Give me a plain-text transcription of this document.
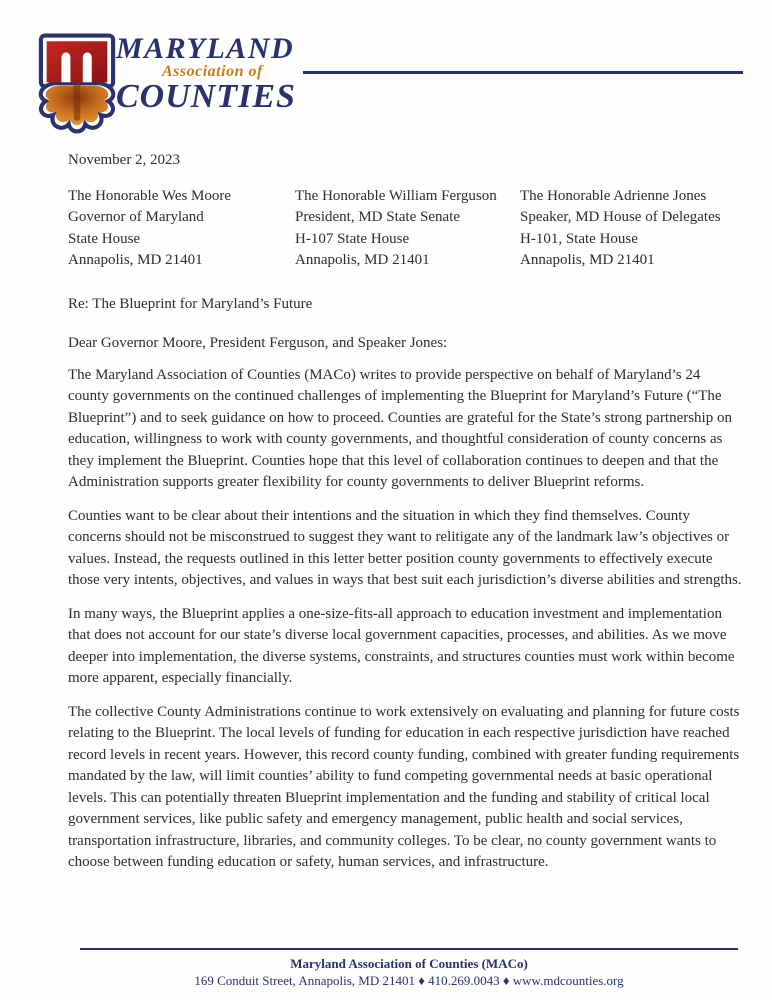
MARYLAND
Association of
COUNTIES
November 2, 2023
The Honorable Wes Moore
Governor of Maryland
State House
Annapolis, MD 21401
The Honorable William Ferguson
President, MD State Senate
H-107 State House
Annapolis, MD 21401
The Honorable Adrienne Jones
Speaker, MD House of Delegates
H-101, State House
Annapolis, MD 21401
Re: The Blueprint for Maryland’s Future
Dear Governor Moore, President Ferguson, and Speaker Jones:

The Maryland Association of Counties (MACo) writes to provide perspective on behalf of Maryland’s 24 county governments on the continued challenges of implementing the Blueprint for Maryland’s Future (“The Blueprint”) and to seek guidance on how to proceed. Counties are grateful for the State’s strong partnership on education, willingness to work with county governments, and thoughtful consideration of county concerns as they implement the Blueprint. Counties hope that this level of collaboration continues to deepen and that the Administration supports greater flexibility for county governments to deliver Blueprint reforms.

Counties want to be clear about their intentions and the situation in which they find themselves. County concerns should not be misconstrued to suggest they want to relitigate any of the landmark law’s objectives or values. Instead, the requests outlined in this letter better position county governments to effectively execute those very intents, objectives, and values in ways that best suit each jurisdiction’s diverse abilities and strengths.

In many ways, the Blueprint applies a one-size-fits-all approach to education investment and implementation that does not account for our state’s diverse local government capacities, processes, and abilities. As we move deeper into implementation, the diverse systems, constraints, and structures counties must work within become more apparent, especially financially.

The collective County Administrations continue to work extensively on evaluating and planning for future costs relating to the Blueprint. The local levels of funding for education in each respective jurisdiction have reached record levels in recent years. However, this record county funding, combined with greater funding requirements mandated by the law, will limit counties’ ability to fund competing governmental needs at basic operational levels. This can potentially threaten Blueprint implementation and the funding and stability of critical local government services, like public safety and emergency management, public health and social services, transportation infrastructure, libraries, and community colleges. To be clear, no county government wants to choose between funding education or safety, human services, and infrastructure.

Maryland Association of Counties (MACo)
169 Conduit Street, Annapolis, MD 21401 ♦ 410.269.0043 ♦ www.mdcounties.org
